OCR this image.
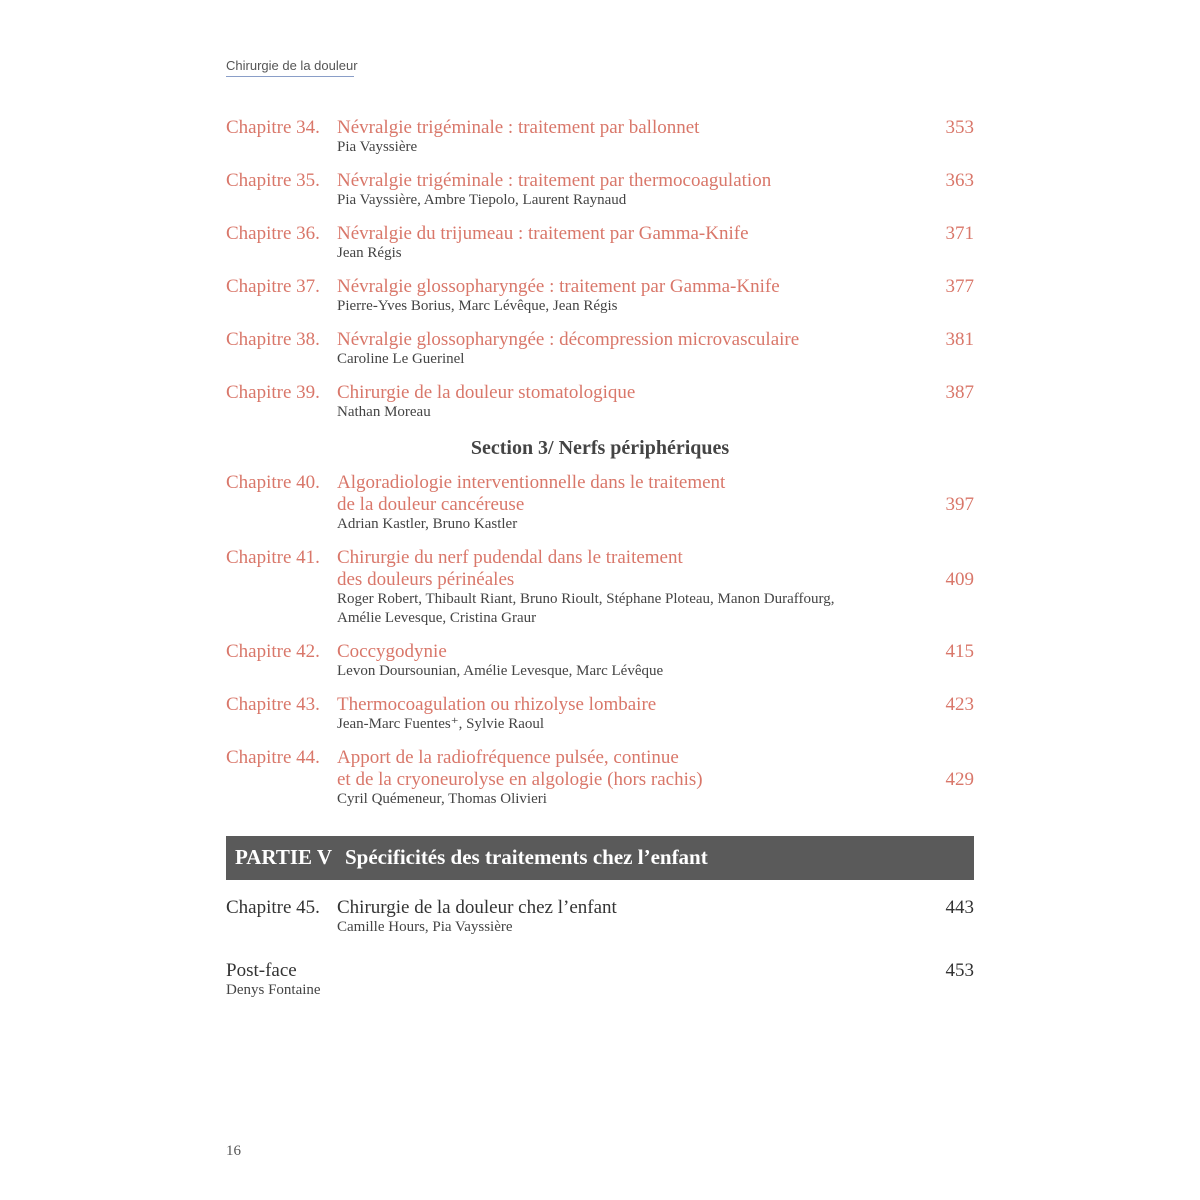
Chirurgie de la douleur
Chapitre 34. Névralgie trigéminale : traitement par ballonnet	353
Pia Vayssière
Chapitre 35. Névralgie trigéminale : traitement par thermocoagulation	363
Pia Vayssière, Ambre Tiepolo, Laurent Raynaud
Chapitre 36. Névralgie du trijumeau : traitement par Gamma-Knife	371
Jean Régis
Chapitre 37. Névralgie glossopharyngée : traitement par Gamma-Knife	377
Pierre-Yves Borius, Marc Lévêque, Jean Régis
Chapitre 38. Névralgie glossopharyngée : décompression microvasculaire	381
Caroline Le Guerinel
Chapitre 39. Chirurgie de la douleur stomatologique	387
Nathan Moreau
Section 3/ Nerfs périphériques
Chapitre 40. Algoradiologie interventionnelle dans le traitement
de la douleur cancéreuse	397
Adrian Kastler, Bruno Kastler
Chapitre 41. Chirurgie du nerf pudendal dans le traitement
des douleurs périnéales	409
Roger Robert, Thibault Riant, Bruno Rioult, Stéphane Ploteau, Manon Duraffourg,
Amélie Levesque, Cristina Graur
Chapitre 42. Coccygodynie	415
Levon Doursounian, Amélie Levesque, Marc Lévêque
Chapitre 43. Thermocoagulation ou rhizolyse lombaire	423
Jean-Marc Fuentes⁺, Sylvie Raoul
Chapitre 44. Apport de la radiofréquence pulsée, continue
et de la cryoneurolyse en algologie (hors rachis)	429
Cyril Quémeneur, Thomas Olivieri
PARTIE V Spécificités des traitements chez l’enfant
Chapitre 45. Chirurgie de la douleur chez l’enfant	443
Camille Hours, Pia Vayssière
Post-face	453
Denys Fontaine
16
